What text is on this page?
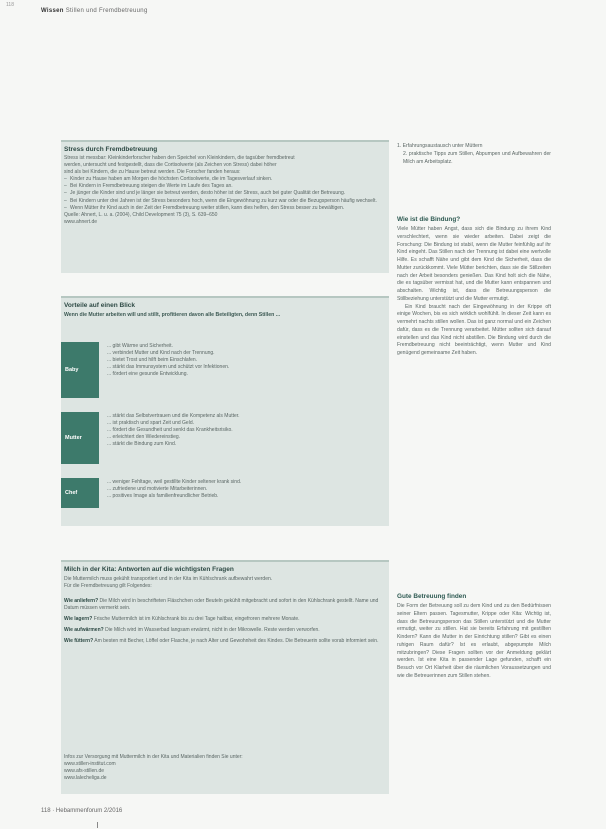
118
Wissen Stillen und Fremdbetreuung
Stress durch Fremdbetreuung

Stress ist messbar: Kleinkinderforscher haben den Speichel von Kleinkindern, die tagsüber fremdbetreut

werden, untersucht und festgestellt, dass die Cortisolwerte (als Zeichen von Stress) dabei höher

sind als bei Kindern, die zu Hause betreut werden. Die Forscher fanden heraus:

– Kinder zu Hause haben am Morgen die höchsten Cortisolwerte, die im Tagesverlauf sinken.

– Bei Kindern in Fremdbetreuung steigen die Werte im Laufe des Tages an.

– Je jünger die Kinder sind und je länger sie betreut werden, desto höher ist der Stress, auch bei guter Qualität der Betreuung.

– Bei Kindern unter drei Jahren ist der Stress besonders hoch, wenn die Eingewöhnung zu kurz war oder die Bezugsperson häufig wechselt.

– Wenn Mütter ihr Kind auch in der Zeit der Fremdbetreuung weiter stillen, kann dies helfen, den Stress besser zu bewältigen.

Quelle: Ahnert, L. u. a. (2004), Child Development 75 (3), S. 639–650

www.ahnert.de

Vorteile auf einen Blick
Wenn die Mutter arbeiten will und stillt, profitieren davon alle Beteiligten, denn Stillen ...
Baby

... gibt Wärme und Sicherheit.

... verbindet Mutter und Kind nach der Trennung.

... bietet Trost und hilft beim Einschlafen.

... stärkt das Immunsystem und schützt vor Infektionen.

... fördert eine gesunde Entwicklung.

Mutter

... stärkt das Selbstvertrauen und die Kompetenz als Mutter.

... ist praktisch und spart Zeit und Geld.

... fördert die Gesundheit und senkt das Krankheitsrisiko.

... erleichtert den Wiedereinstieg.

... stärkt die Bindung zum Kind.

Chef

... weniger Fehltage, weil gestillte Kinder seltener krank sind.

... zufriedene und motivierte Mitarbeiterinnen.

... positives Image als familienfreundlicher Betrieb.

Milch in der Kita: Antworten auf die wichtigsten Fragen

Die Muttermilch muss gekühlt transportiert und in der Kita im Kühlschrank aufbewahrt werden.

Für die Fremdbetreuung gilt Folgendes:

Wie anliefern? Die Milch wird in beschrifteten Fläschchen oder Beuteln gekühlt mitgebracht und sofort in den Kühlschrank gestellt. Name und Datum müssen vermerkt sein.

Wie lagern? Frische Muttermilch ist im Kühlschrank bis zu drei Tage haltbar, eingefroren mehrere Monate.

Wie aufwärmen? Die Milch wird im Wasserbad langsam erwärmt, nicht in der Mikrowelle. Reste werden verworfen.

Wie füttern? Am besten mit Becher, Löffel oder Flasche, je nach Alter und Gewohnheit des Kindes. Die Betreuerin sollte vorab informiert sein.

Infos zur Versorgung mit Muttermilch in der Kita und Materialien finden Sie unter:

www.stillen-institut.com

www.afs-stillen.de

www.lalecheliga.de

1. Erfahrungsaustausch unter Müttern

2. praktische Tipps zum Stillen, Abpumpen und Aufbewahren der Milch am Arbeitsplatz.

Wie ist die Bindung?

Viele Mütter haben Angst, dass sich die Bindung zu ihrem Kind verschlechtert, wenn sie wieder arbeiten. Dabei zeigt die Forschung: Die Bindung ist stabil, wenn die Mutter feinfühlig auf ihr Kind eingeht. Das Stillen nach der Trennung ist dabei eine wertvolle Hilfe. Es schafft Nähe und gibt dem Kind die Sicherheit, dass die Mutter zurückkommt. Viele Mütter berichten, dass sie die Stillzeiten nach der Arbeit besonders genießen. Das Kind holt sich die Nähe, die es tagsüber vermisst hat, und die Mutter kann entspannen und abschalten. Wichtig ist, dass die Betreuungsperson die Stillbeziehung unterstützt und die Mutter ermutigt.

Ein Kind braucht nach der Eingewöhnung in der Krippe oft einige Wochen, bis es sich wirklich wohlfühlt. In dieser Zeit kann es vermehrt nachts stillen wollen. Das ist ganz normal und ein Zeichen dafür, dass es die Trennung verarbeitet. Mütter sollten sich darauf einstellen und das Kind nicht abstillen. Die Bindung wird durch die Fremdbetreuung nicht beeinträchtigt, wenn Mutter und Kind genügend gemeinsame Zeit haben.

Gute Betreuung finden

Die Form der Betreuung soll zu dem Kind und zu den Bedürfnissen seiner Eltern passen. Tagesmutter, Krippe oder Kita: Wichtig ist, dass die Betreuungsperson das Stillen unterstützt und die Mutter ermutigt, weiter zu stillen. Hat sie bereits Erfahrung mit gestillten Kindern? Kann die Mutter in der Einrichtung stillen? Gibt es einen ruhigen Raum dafür? Ist es erlaubt, abgepumpte Milch mitzubringen? Diese Fragen sollten vor der Anmeldung geklärt werden. Ist eine Kita in passender Lage gefunden, schafft ein Besuch vor Ort Klarheit über die räumlichen Voraussetzungen und wie die Betreuerinnen zum Stillen stehen.

118 · Hebammenforum 2/2016
